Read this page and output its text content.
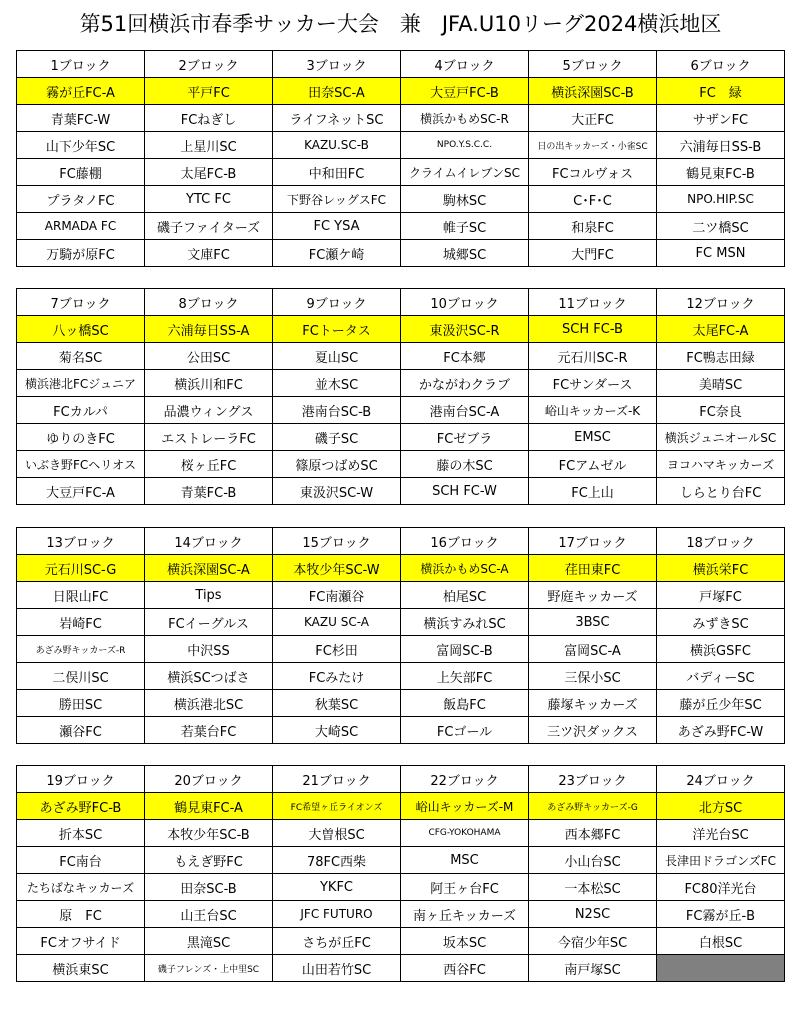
第51回横浜市春季サッカー大会　兼　JFA.U10リーグ2024横浜地区
1ブロック	2ブロック	3ブロック	4ブロック	5ブロック	6ブロック
霧が丘FC-A	平戸FC	田奈SC-A	大豆戸FC-B	横浜深園SC-B	FC　緑
青葉FC-W	FCねぎし	ライフネットSC	横浜かもめSC-R	大正FC	サザンFC
山下少年SC	上星川SC	KAZU.SC-B	NPO.Y.S.C.C.	日の出キッカーズ・小雀SC	六浦毎日SS-B
FC藤棚	太尾FC-B	中和田FC	クライムイレブンSC	FCコルヴォス	鶴見東FC-B
プラタノFC	YTC FC	下野谷レッグスFC	駒林SC	C･F･C	NPO.HIP.SC
ARMADA FC	磯子ファイターズ	FC YSA	帷子SC	和泉FC	二ツ橋SC
万騎が原FC	文庫FC	FC瀬ケ崎	城郷SC	大門FC	FC MSN
7ブロック	8ブロック	9ブロック	10ブロック	11ブロック	12ブロック
八ッ橋SC	六浦毎日SS-A	FCトータス	東汲沢SC-R	SCH FC-B	太尾FC-A
菊名SC	公田SC	夏山SC	FC本郷	元石川SC-R	FC鴨志田緑
横浜港北FCジュニア	横浜川和FC	並木SC	かながわクラブ	FCサンダース	美晴SC
FCカルパ	品濃ウィングス	港南台SC-B	港南台SC-A	峪山キッカーズ-K	FC奈良
ゆりのきFC	エストレーラFC	磯子SC	FCゼブラ	EMSC	横浜ジュニオールSC
いぶき野FCヘリオス	桜ヶ丘FC	篠原つばめSC	藤の木SC	FCアムゼル	ヨコハマキッカーズ
大豆戸FC-A	青葉FC-B	東汲沢SC-W	SCH FC-W	FC上山	しらとり台FC
13ブロック	14ブロック	15ブロック	16ブロック	17ブロック	18ブロック
元石川SC-G	横浜深園SC-A	本牧少年SC-W	横浜かもめSC-A	荏田東FC	横浜栄FC
日限山FC	Tips	FC南瀬谷	柏尾SC	野庭キッカーズ	戸塚FC
岩崎FC	FCイーグルス	KAZU SC-A	横浜すみれSC	3BSC	みずきSC
あざみ野キッカーズ-R	中沢SS	FC杉田	富岡SC-B	富岡SC-A	横浜GSFC
二俣川SC	横浜SCつばさ	FCみたけ	上矢部FC	三保小SC	バディーSC
勝田SC	横浜港北SC	秋葉SC	飯島FC	藤塚キッカーズ	藤が丘少年SC
瀬谷FC	若葉台FC	大崎SC	FCゴール	三ツ沢ダックス	あざみ野FC-W
19ブロック	20ブロック	21ブロック	22ブロック	23ブロック	24ブロック
あざみ野FC-B	鶴見東FC-A	FC希望ヶ丘ライオンズ	峪山キッカーズ-M	あざみ野キッカーズ-G	北方SC
折本SC	本牧少年SC-B	大曽根SC	CFG-YOKOHAMA	西本郷FC	洋光台SC
FC南台	もえぎ野FC	78FC西柴	MSC	小山台SC	長津田ドラゴンズFC
たちばなキッカーズ	田奈SC-B	YKFC	阿王ヶ台FC	一本松SC	FC80洋光台
原　FC	山王台SC	JFC FUTURO	南ヶ丘キッカーズ	N2SC	FC霧が丘-B
FCオフサイド	黒滝SC	さちが丘FC	坂本SC	今宿少年SC	白根SC
横浜東SC	磯子フレンズ・上中里SC	山田若竹SC	西谷FC	南戸塚SC	
